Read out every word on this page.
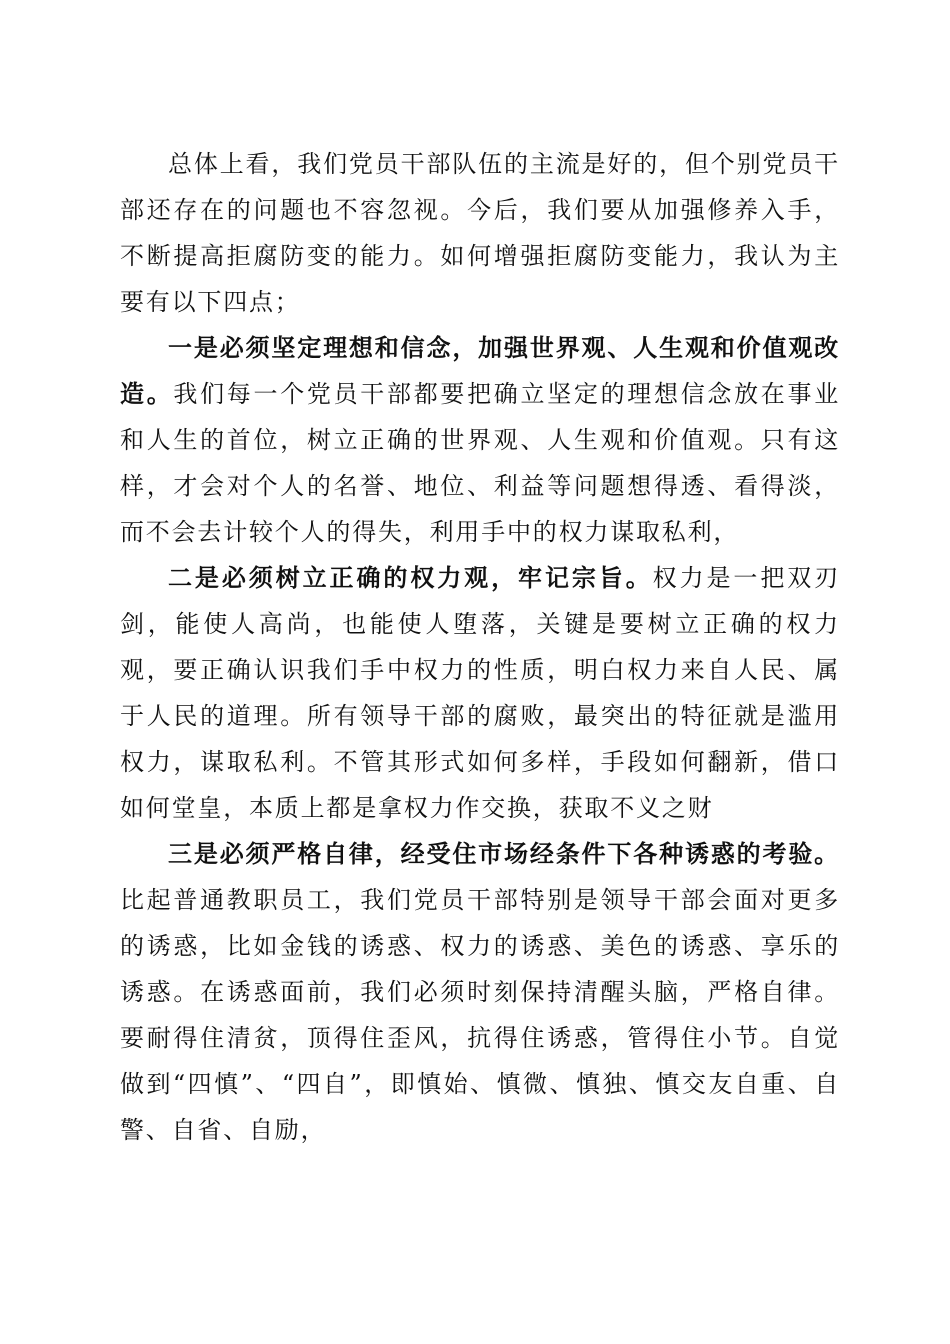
总体上看，我们党员干部队伍的主流是好的，但个别党员干部还存在的问题也不容忽视。今后，我们要从加强修养入手，不断提高拒腐防变的能力。如何增强拒腐防变能力，我认为主要有以下四点；

一是必须坚定理想和信念，加强世界观、人生观和价值观改造。我们每一个党员干部都要把确立坚定的理想信念放在事业和人生的首位，树立正确的世界观、人生观和价值观。只有这样，才会对个人的名誉、地位、利益等问题想得透、看得淡，而不会去计较个人的得失，利用手中的权力谋取私利，

二是必须树立正确的权力观，牢记宗旨。权力是一把双刃剑，能使人高尚，也能使人堕落，关键是要树立正确的权力观，要正确认识我们手中权力的性质，明白权力来自人民、属于人民的道理。所有领导干部的腐败，最突出的特征就是滥用权力，谋取私利。不管其形式如何多样，手段如何翻新，借口如何堂皇，本质上都是拿权力作交换，获取不义之财

三是必须严格自律，经受住市场经条件下各种诱惑的考验。比起普通教职员工，我们党员干部特别是领导干部会面对更多的诱惑，比如金钱的诱惑、权力的诱惑、美色的诱惑、享乐的诱惑。在诱惑面前，我们必须时刻保持清醒头脑，严格自律。要耐得住清贫，顶得住歪风，抗得住诱惑，管得住小节。自觉做到“四慎”、“四自”，即慎始、慎微、慎独、慎交友自重、自警、自省、自励，
